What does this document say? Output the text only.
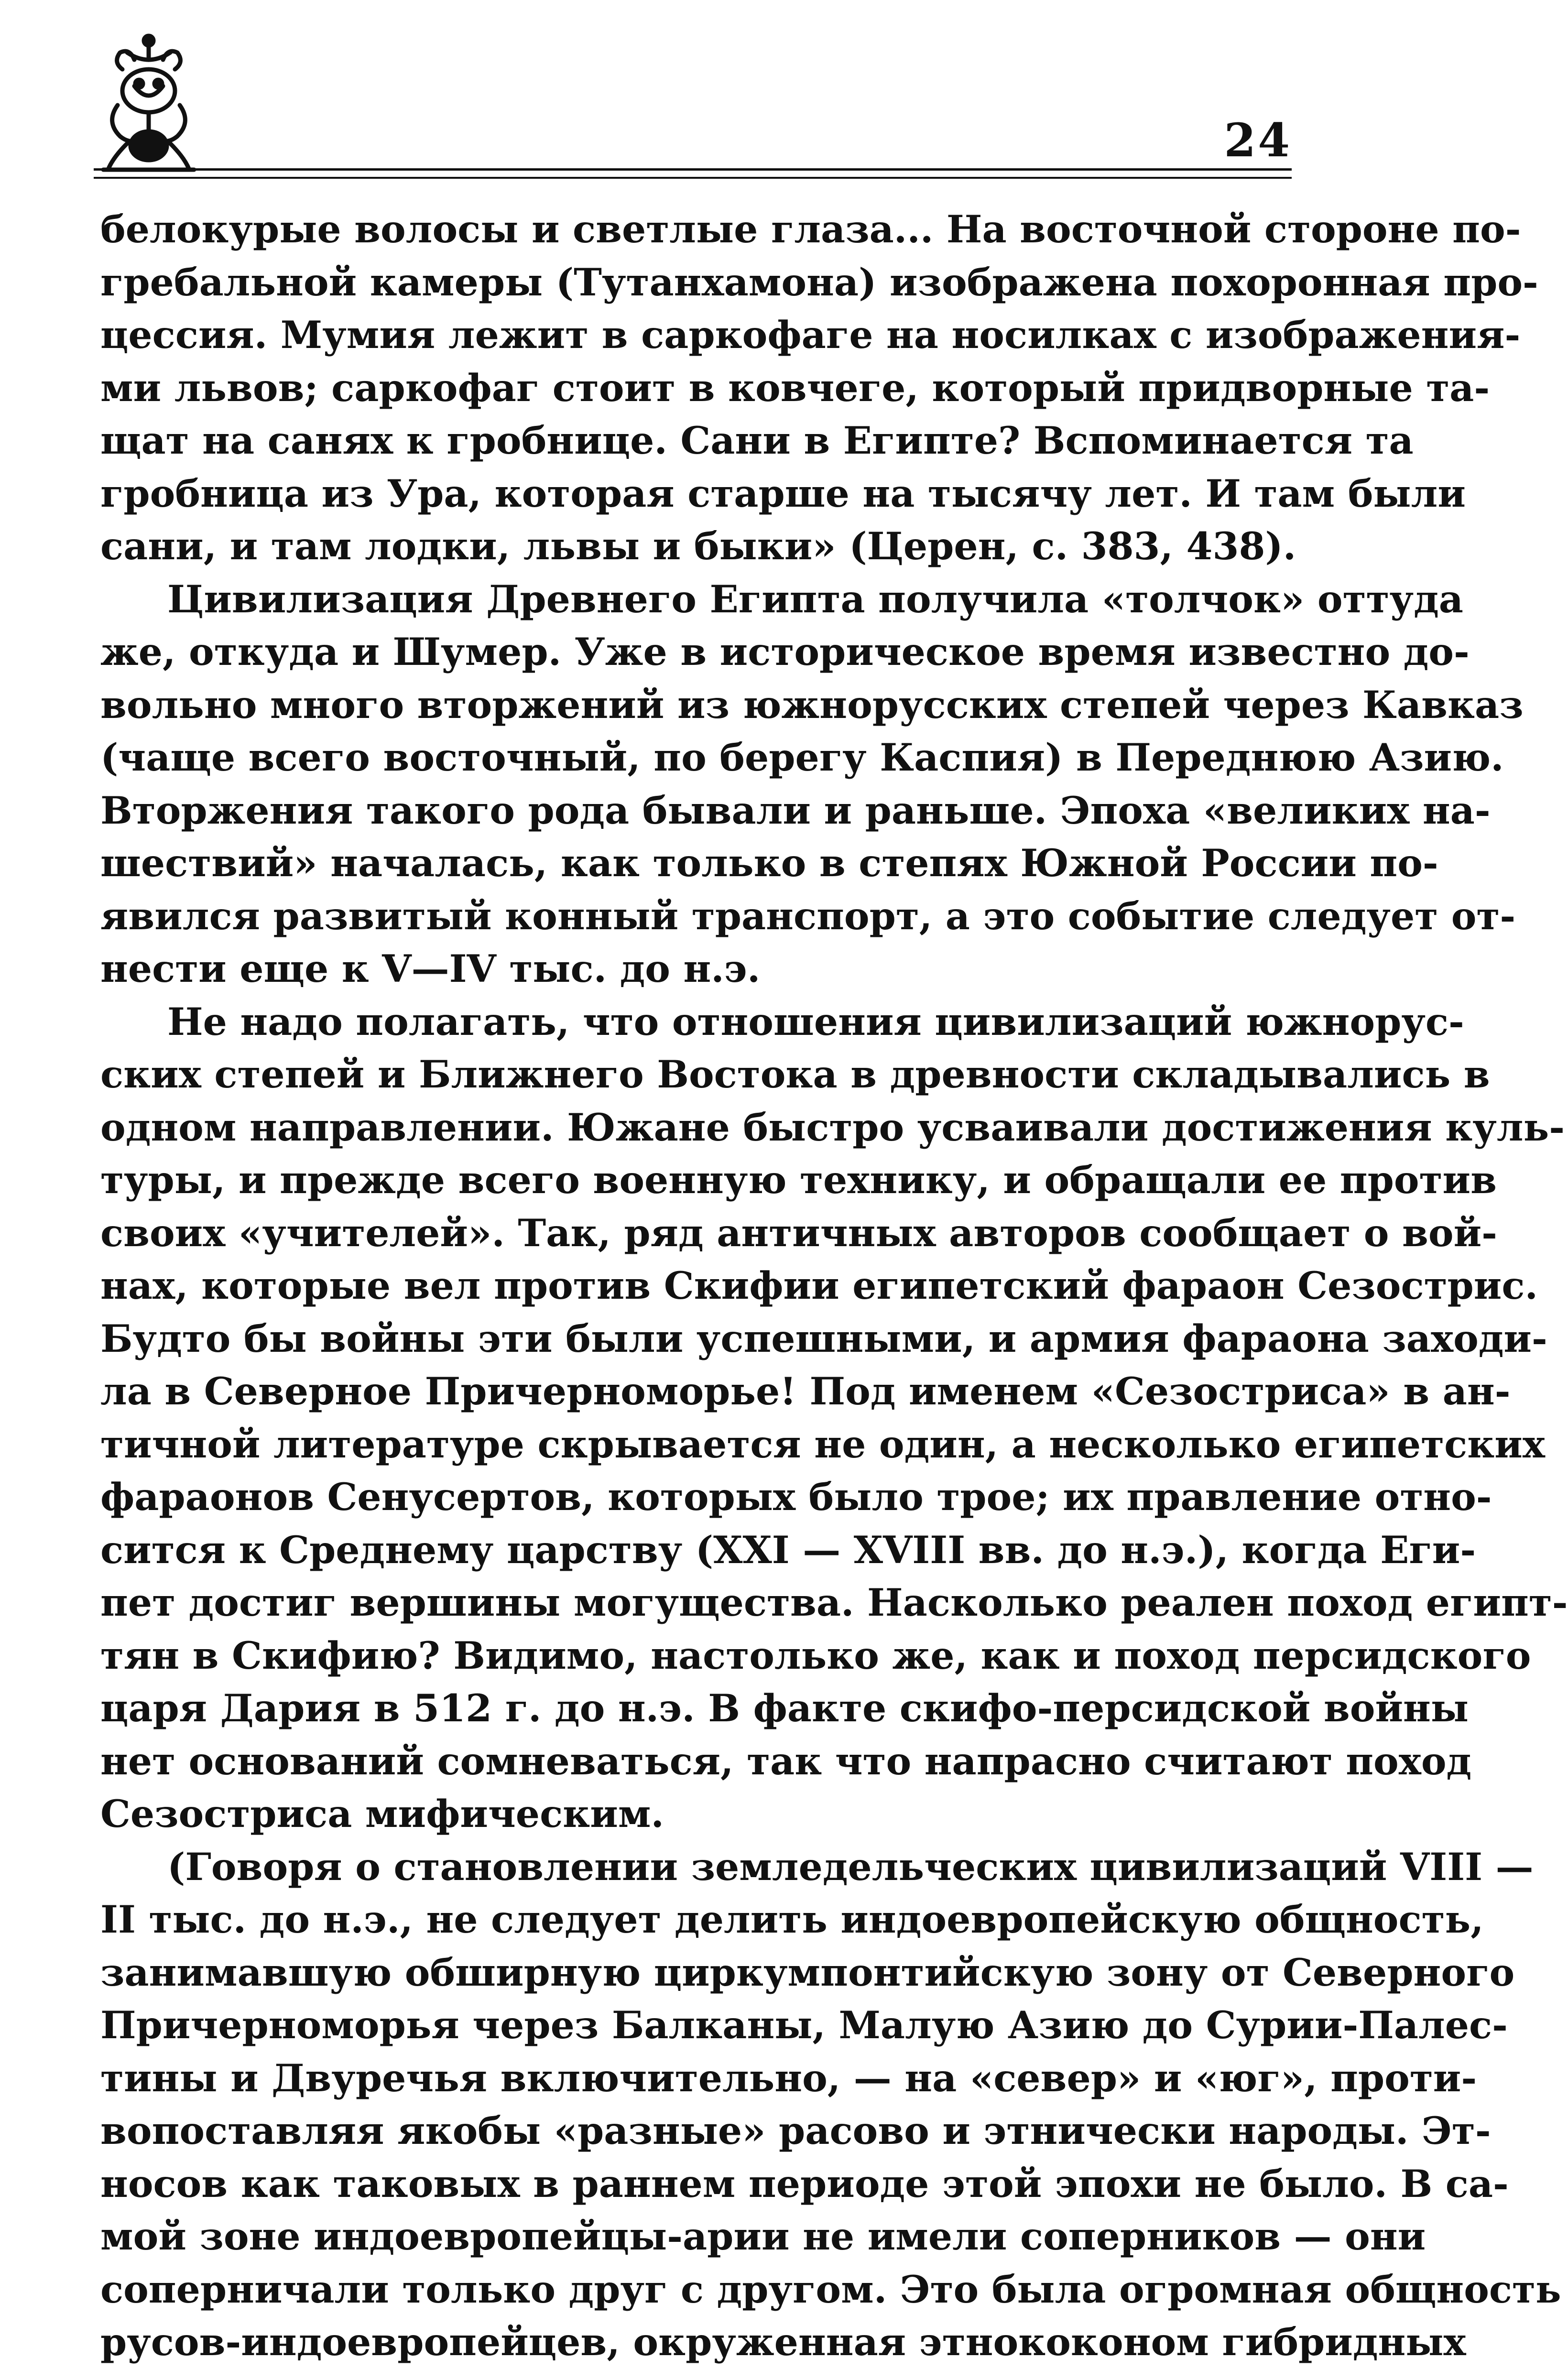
24
белокурые волосы и светлые глаза... На восточной стороне по-
гребальной камеры (Тутанхамона) изображена похоронная про-
цессия. Мумия лежит в саркофаге на носилках с изображения-
ми львов; саркофаг стоит в ковчеге, который придворные та-
щат на санях к гробнице. Сани в Египте? Вспоминается та
гробница из Ура, которая старше на тысячу лет. И там были
сани, и там лодки, львы и быки» (Церен, с. 383, 438).
Цивилизация Древнего Египта получила «толчок» оттуда
же, откуда и Шумер. Уже в историческое время известно до-
вольно много вторжений из южнорусских степей через Кавказ
(чаще всего восточный, по берегу Каспия) в Переднюю Азию.
Вторжения такого рода бывали и раньше. Эпоха «великих на-
шествий» началась, как только в степях Южной России по-
явился развитый конный транспорт, а это событие следует от-
нести еще к V—IV тыс. до н.э.
Не надо полагать, что отношения цивилизаций южнорус-
ских степей и Ближнего Востока в древности складывались в
одном направлении. Южане быстро усваивали достижения куль-
туры, и прежде всего военную технику, и обращали ее против
своих «учителей». Так, ряд античных авторов сообщает о вой-
нах, которые вел против Скифии египетский фараон Сезострис.
Будто бы войны эти были успешными, и армия фараона заходи-
ла в Северное Причерноморье! Под именем «Сезостриса» в ан-
тичной литературе скрывается не один, а несколько египетских
фараонов Сенусертов, которых было трое; их правление отно-
сится к Среднему царству (XXI — XVIII вв. до н.э.), когда Еги-
пет достиг вершины могущества. Насколько реален поход египт-
тян в Скифию? Видимо, настолько же, как и поход персидского
царя Дария в 512 г. до н.э. В факте скифо-персидской войны
нет оснований сомневаться, так что напрасно считают поход
Сезостриса мифическим.
(Говоря о становлении земледельческих цивилизаций VIII —
II тыс. до н.э., не следует делить индоевропейскую общность,
занимавшую обширную циркумпонтийскую зону от Северного
Причерноморья через Балканы, Малую Азию до Сурии-Палес-
тины и Двуречья включительно, — на «север» и «юг», проти-
вопоставляя якобы «разные» расово и этнически народы. Эт-
носов как таковых в раннем периоде этой эпохи не было. В са-
мой зоне индоевропейцы-арии не имели соперников — они
соперничали только друг с другом. Это была огромная общность
русов-индоевропейцев, окруженная этнококоном гибридных
